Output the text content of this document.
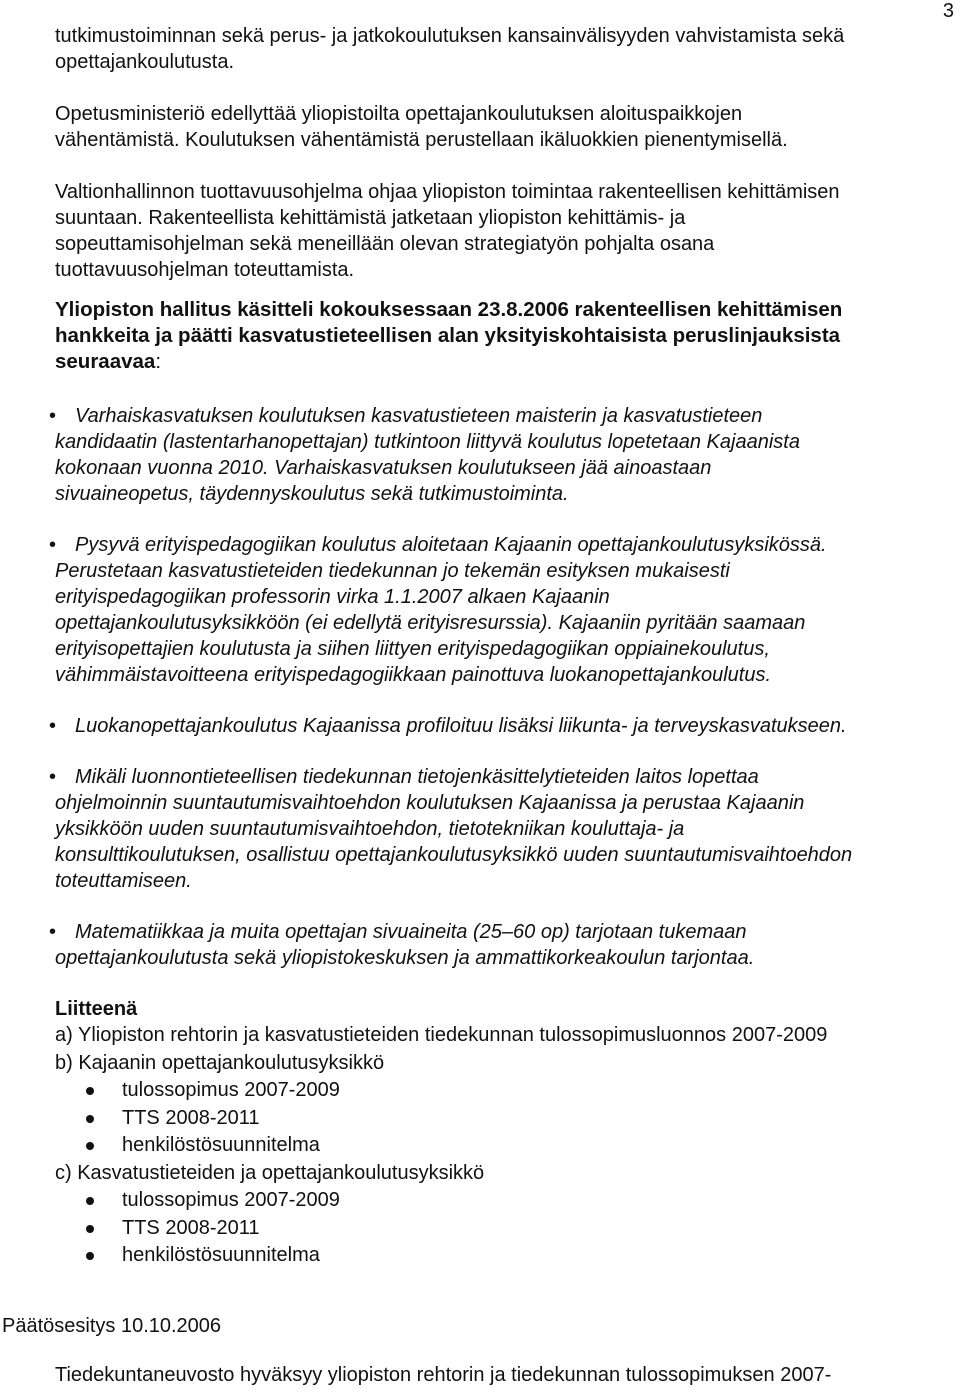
3

tutkimustoiminnan sekä perus- ja jatkokoulutuksen kansainvälisyyden vahvistamista sekä
opettajankoulutusta.

Opetusministeriö edellyttää yliopistoilta opettajankoulutuksen aloituspaikkojen
vähentämistä. Koulutuksen vähentämistä perustellaan ikäluokkien pienentymisellä.

Valtionhallinnon tuottavuusohjelma ohjaa yliopiston toimintaa rakenteellisen kehittämisen
suuntaan. Rakenteellista kehittämistä jatketaan yliopiston kehittämis- ja
sopeuttamisohjelman sekä meneillään olevan strategiatyön pohjalta osana
tuottavuusohjelman toteuttamista.

Yliopiston hallitus käsitteli kokouksessaan 23.8.2006 rakenteellisen kehittämisen
hankkeita ja päätti kasvatustieteellisen alan yksityiskohtaisista peruslinjauksista
seuraavaa:

• Varhaiskasvatuksen koulutuksen kasvatustieteen maisterin ja kasvatustieteen
kandidaatin (lastentarhanopettajan) tutkintoon liittyvä koulutus lopetetaan Kajaanista
kokonaan vuonna 2010. Varhaiskasvatuksen koulutukseen jää ainoastaan
sivuaineopetus, täydennyskoulutus sekä tutkimustoiminta.
• Pysyvä erityispedagogiikan koulutus aloitetaan Kajaanin opettajankoulutusyksikössä.
Perustetaan kasvatustieteiden tiedekunnan jo tekemän esityksen mukaisesti
erityispedagogiikan professorin virka 1.1.2007 alkaen Kajaanin
opettajankoulutusyksikköön (ei edellytä erityisresurssia). Kajaaniin pyritään saamaan
erityisopettajien koulutusta ja siihen liittyen erityispedagogiikan oppiainekoulutus,
vähimmäistavoitteena erityispedagogiikkaan painottuva luokanopettajankoulutus.
• Luokanopettajankoulutus Kajaanissa profiloituu lisäksi liikunta- ja terveyskasvatukseen.
• Mikäli luonnontieteellisen tiedekunnan tietojenkäsittelytieteiden laitos lopettaa
ohjelmoinnin suuntautumisvaihtoehdon koulutuksen Kajaanissa ja perustaa Kajaanin
yksikköön uuden suuntautumisvaihtoehdon, tietotekniikan kouluttaja- ja
konsulttikoulutuksen, osallistuu opettajankoulutusyksikkö uuden suuntautumisvaihtoehdon
toteuttamiseen.
• Matematiikkaa ja muita opettajan sivuaineita (25–60 op) tarjotaan tukemaan
opettajankoulutusta sekä yliopistokeskuksen ja ammattikorkeakoulun tarjontaa.
Liitteenä

a) Yliopiston rehtorin ja kasvatustieteiden tiedekunnan tulossopimusluonnos 2007-2009

b) Kajaanin opettajankoulutusyksikkö

tulossopimus 2007-2009
TTS 2008-2011
henkilöstösuunnitelma

c) Kasvatustieteiden ja opettajankoulutusyksikkö

tulossopimus 2007-2009
TTS 2008-2011
henkilöstösuunnitelma
Päätösesitys 10.10.2006
Tiedekuntaneuvosto hyväksyy yliopiston rehtorin ja tiedekunnan tulossopimuksen 2007-
